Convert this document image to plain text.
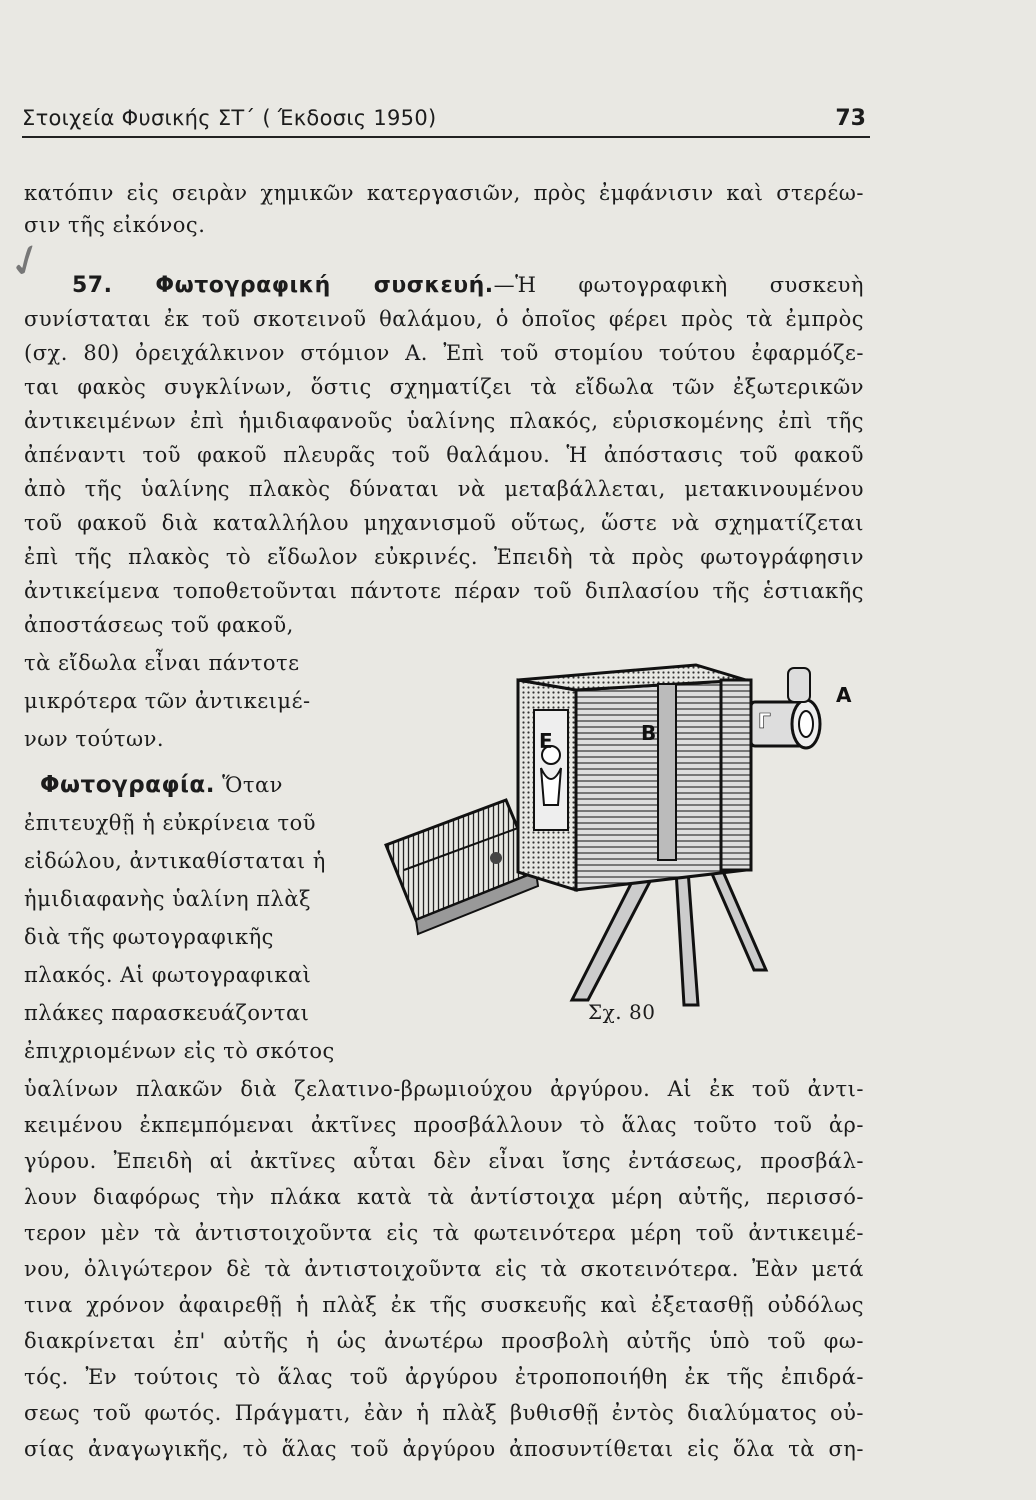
Στοιχεία Φυσικής ΣΤ΄ ( Έκδοσις 1950)	73
✓
κατόπιν εἰς σειρὰν χημικῶν κατεργασιῶν, πρὸς ἐμφάνισιν καὶ στερέω-
σιν τῆς εἰκόνος.
57. Φωτογραφική συσκευή.—Ἡ φωτογραφικὴ συσκευὴ
συνίσταται ἐκ τοῦ σκοτεινοῦ θαλάμου, ὁ ὁποῖος φέρει πρὸς τὰ ἐμπρὸς
(σχ. 80) ὀρειχάλκινον στόμιον Α. Ἐπὶ τοῦ στομίου τούτου ἐφαρμόζε-
ται φακὸς συγκλίνων, ὅστις σχηματίζει τὰ εἴδωλα τῶν ἐξωτερικῶν
ἀντικειμένων ἐπὶ ἡμιδιαφανοῦς ὑαλίνης πλακός, εὑρισκομένης ἐπὶ τῆς
ἀπέναντι τοῦ φακοῦ πλευρᾶς τοῦ θαλάμου. Ἡ ἀπόστασις τοῦ φακοῦ
ἀπὸ τῆς ὑαλίνης πλακὸς δύναται νὰ μεταβάλλεται, μετακινουμένου
τοῦ φακοῦ διὰ καταλλήλου μηχανισμοῦ οὕτως, ὥστε νὰ σχηματίζεται
ἐπὶ τῆς πλακὸς τὸ εἴδωλον εὐκρινές. Ἐπειδὴ τὰ πρὸς φωτογράφησιν
ἀντικείμενα τοποθετοῦνται πάντοτε πέραν τοῦ διπλασίου τῆς ἑστιακῆς
ἀποστάσεως τοῦ φακοῦ,
τὰ εἴδωλα εἶναι πάντοτε
μικρότερα τῶν ἀντικειμέ-
νων τούτων.
Φωτογραφία. Ὅταν
ἐπιτευχθῇ ἡ εὐκρίνεια τοῦ
εἰδώλου, ἀντικαθίσταται ἡ
ἡμιδιαφανὴς ὑαλίνη πλὰξ
διὰ τῆς φωτογραφικῆς
πλακός. Αἱ φωτογραφικαὶ
πλάκες παρασκευάζονται
ἐπιχριομένων εἰς τὸ σκότος
ὑαλίνων πλακῶν διὰ ζελατινο-βρωμιούχου ἀργύρου. Αἱ ἐκ τοῦ ἀντι-
κειμένου ἐκπεμπόμεναι ἀκτῖνες προσβάλλουν τὸ ἅλας τοῦτο τοῦ ἀρ-
γύρου. Ἐπειδὴ αἱ ἀκτῖνες αὗται δὲν εἶναι ἴσης ἐντάσεως, προσβάλ-
λουν διαφόρως τὴν πλάκα κατὰ τὰ ἀντίστοιχα μέρη αὐτῆς, περισσό-
τερον μὲν τὰ ἀντιστοιχοῦντα εἰς τὰ φωτεινότερα μέρη τοῦ ἀντικειμέ-
νου, ὀλιγώτερον δὲ τὰ ἀντιστοιχοῦντα εἰς τὰ σκοτεινότερα. Ἐὰν μετά
τινα χρόνον ἀφαιρεθῇ ἡ πλὰξ ἐκ τῆς συσκευῆς καὶ ἐξετασθῇ οὐδόλως
διακρίνεται ἐπ' αὐτῆς ἡ ὡς ἀνωτέρω προσβολὴ αὐτῆς ὑπὸ τοῦ φω-
τός. Ἐν τούτοις τὸ ἅλας τοῦ ἀργύρου ἐτροποποιήθη ἐκ τῆς ἐπιδρά-
σεως τοῦ φωτός. Πράγματι, ἐὰν ἡ πλὰξ βυθισθῇ ἐντὸς διαλύματος οὐ-
σίας ἀναγωγικῆς, τὸ ἅλας τοῦ ἀργύρου ἀποσυντίθεται εἰς ὅλα τὰ ση-
Ε	Β	Γ
Α
Σχ. 80
